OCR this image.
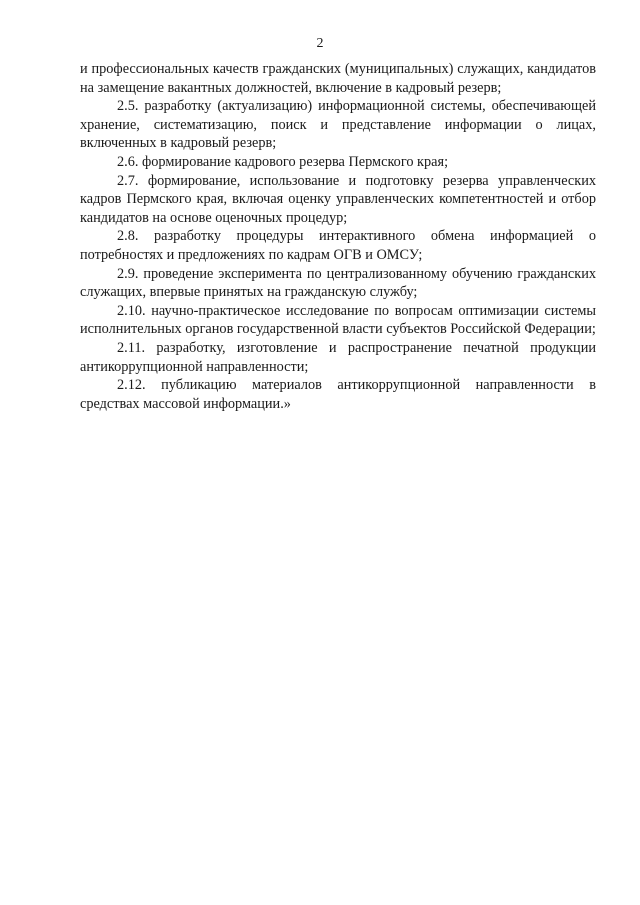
2

и профессиональных качеств гражданских (муниципальных) служащих, кандидатов на замещение вакантных должностей, включение в кадровый резерв;

2.5. разработку (актуализацию) информационной системы, обеспечивающей хранение, систематизацию, поиск и представление информации о лицах, включенных в кадровый резерв;

2.6. формирование кадрового резерва Пермского края;

2.7. формирование, использование и подготовку резерва управленческих кадров Пермского края, включая оценку управленческих компетентностей и отбор кандидатов на основе оценочных процедур;

2.8. разработку процедуры интерактивного обмена информацией о потребностях и предложениях по кадрам ОГВ и ОМСУ;

2.9. проведение эксперимента по централизованному обучению гражданских служащих, впервые принятых на гражданскую службу;

2.10. научно-практическое исследование по вопросам оптимизации системы исполнительных органов государственной власти субъектов Российской Федерации;

2.11. разработку, изготовление и распространение печатной продукции антикоррупционной направленности;

2.12. публикацию материалов антикоррупционной направленности в средствах массовой информации.»
